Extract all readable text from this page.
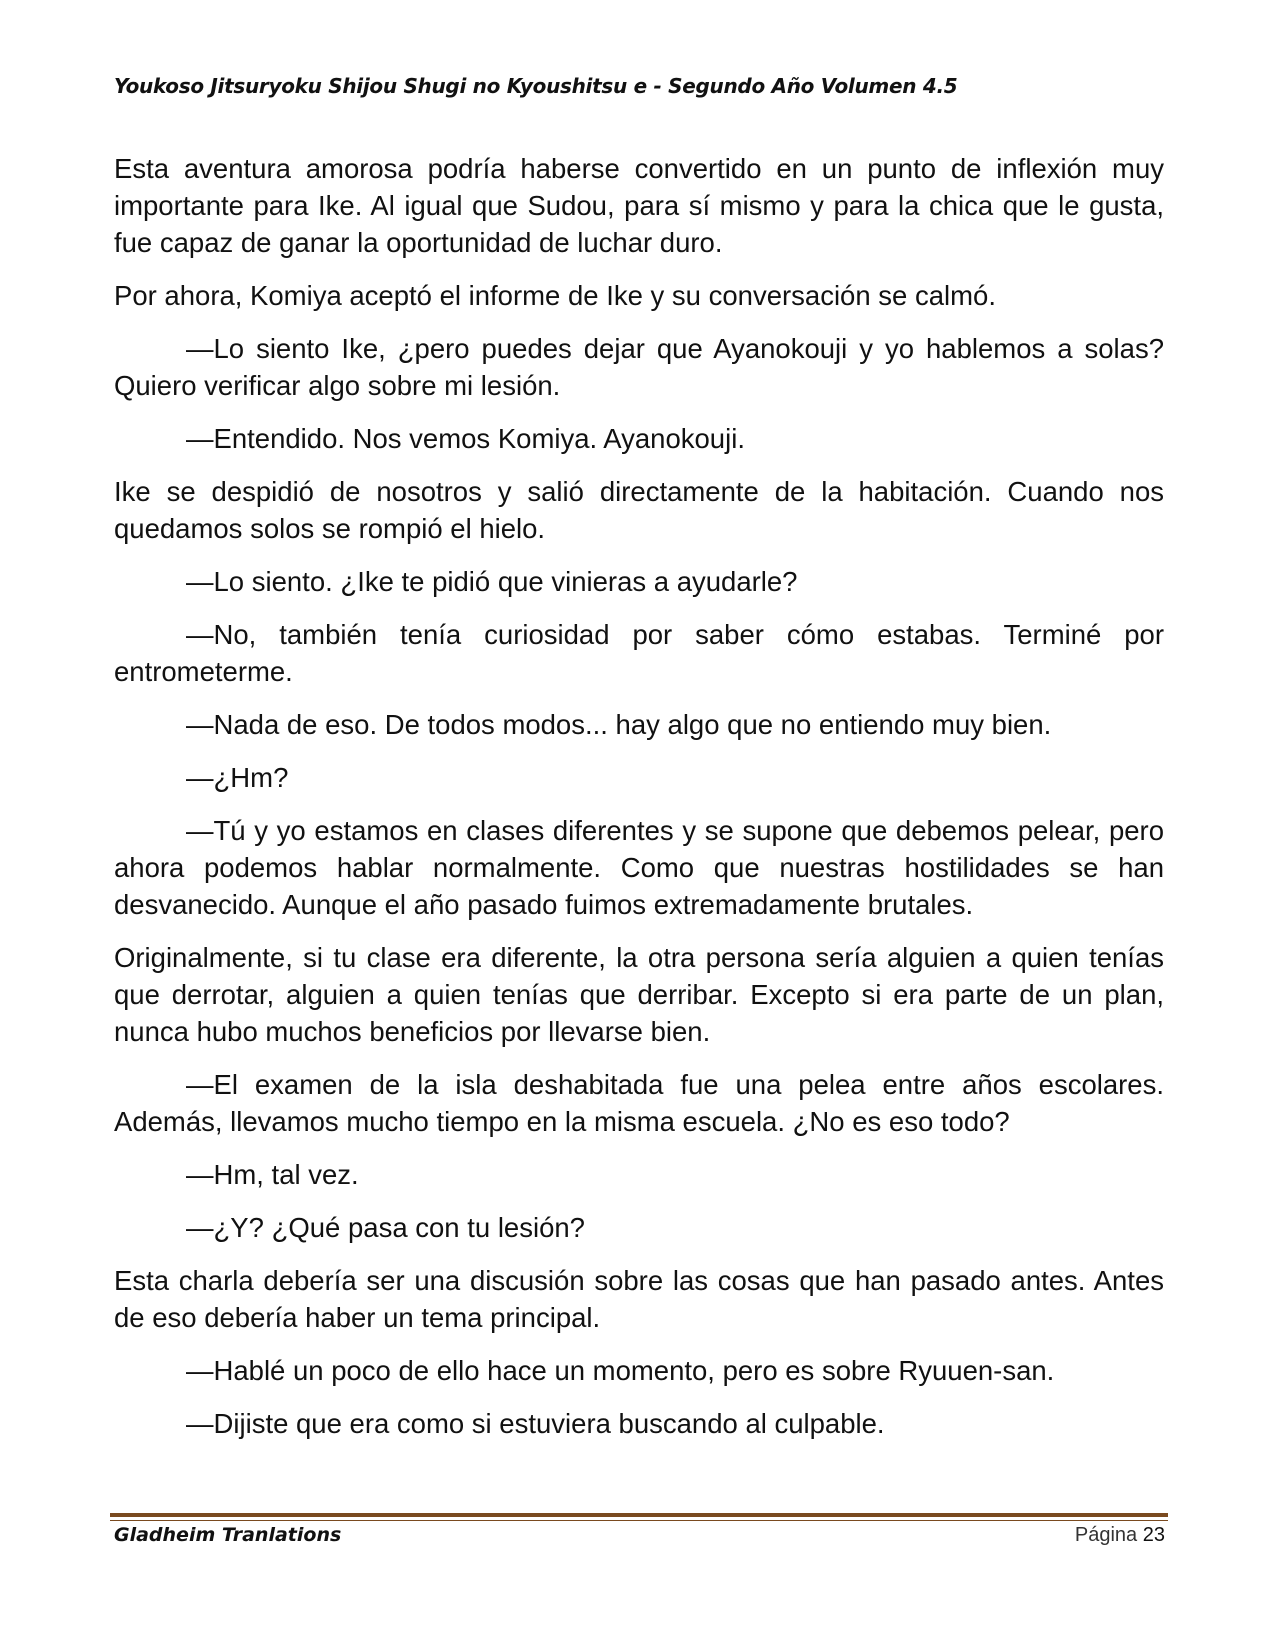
Youkoso Jitsuryoku Shijou Shugi no Kyoushitsu e - Segundo Año Volumen 4.5

Esta aventura amorosa podría haberse convertido en un punto de inflexión muy importante para Ike. Al igual que Sudou, para sí mismo y para la chica que le gusta, fue capaz de ganar la oportunidad de luchar duro.

Por ahora, Komiya aceptó el informe de Ike y su conversación se calmó.

—Lo siento Ike, ¿pero puedes dejar que Ayanokouji y yo hablemos a solas? Quiero verificar algo sobre mi lesión.

—Entendido. Nos vemos Komiya. Ayanokouji.

Ike se despidió de nosotros y salió directamente de la habitación. Cuando nos quedamos solos se rompió el hielo.

—Lo siento. ¿Ike te pidió que vinieras a ayudarle?

—No, también tenía curiosidad por saber cómo estabas. Terminé por entrometerme.

—Nada de eso. De todos modos... hay algo que no entiendo muy bien.

—¿Hm?

—Tú y yo estamos en clases diferentes y se supone que debemos pelear, pero ahora podemos hablar normalmente. Como que nuestras hostilidades se han desvanecido. Aunque el año pasado fuimos extremadamente brutales.

Originalmente, si tu clase era diferente, la otra persona sería alguien a quien tenías que derrotar, alguien a quien tenías que derribar. Excepto si era parte de un plan, nunca hubo muchos beneficios por llevarse bien.

—El examen de la isla deshabitada fue una pelea entre años escolares. Además, llevamos mucho tiempo en la misma escuela. ¿No es eso todo?

—Hm, tal vez.

—¿Y? ¿Qué pasa con tu lesión?

Esta charla debería ser una discusión sobre las cosas que han pasado antes. Antes de eso debería haber un tema principal.

—Hablé un poco de ello hace un momento, pero es sobre Ryuuen-san.

—Dijiste que era como si estuviera buscando al culpable.

Gladheim Tranlations	Página 23
